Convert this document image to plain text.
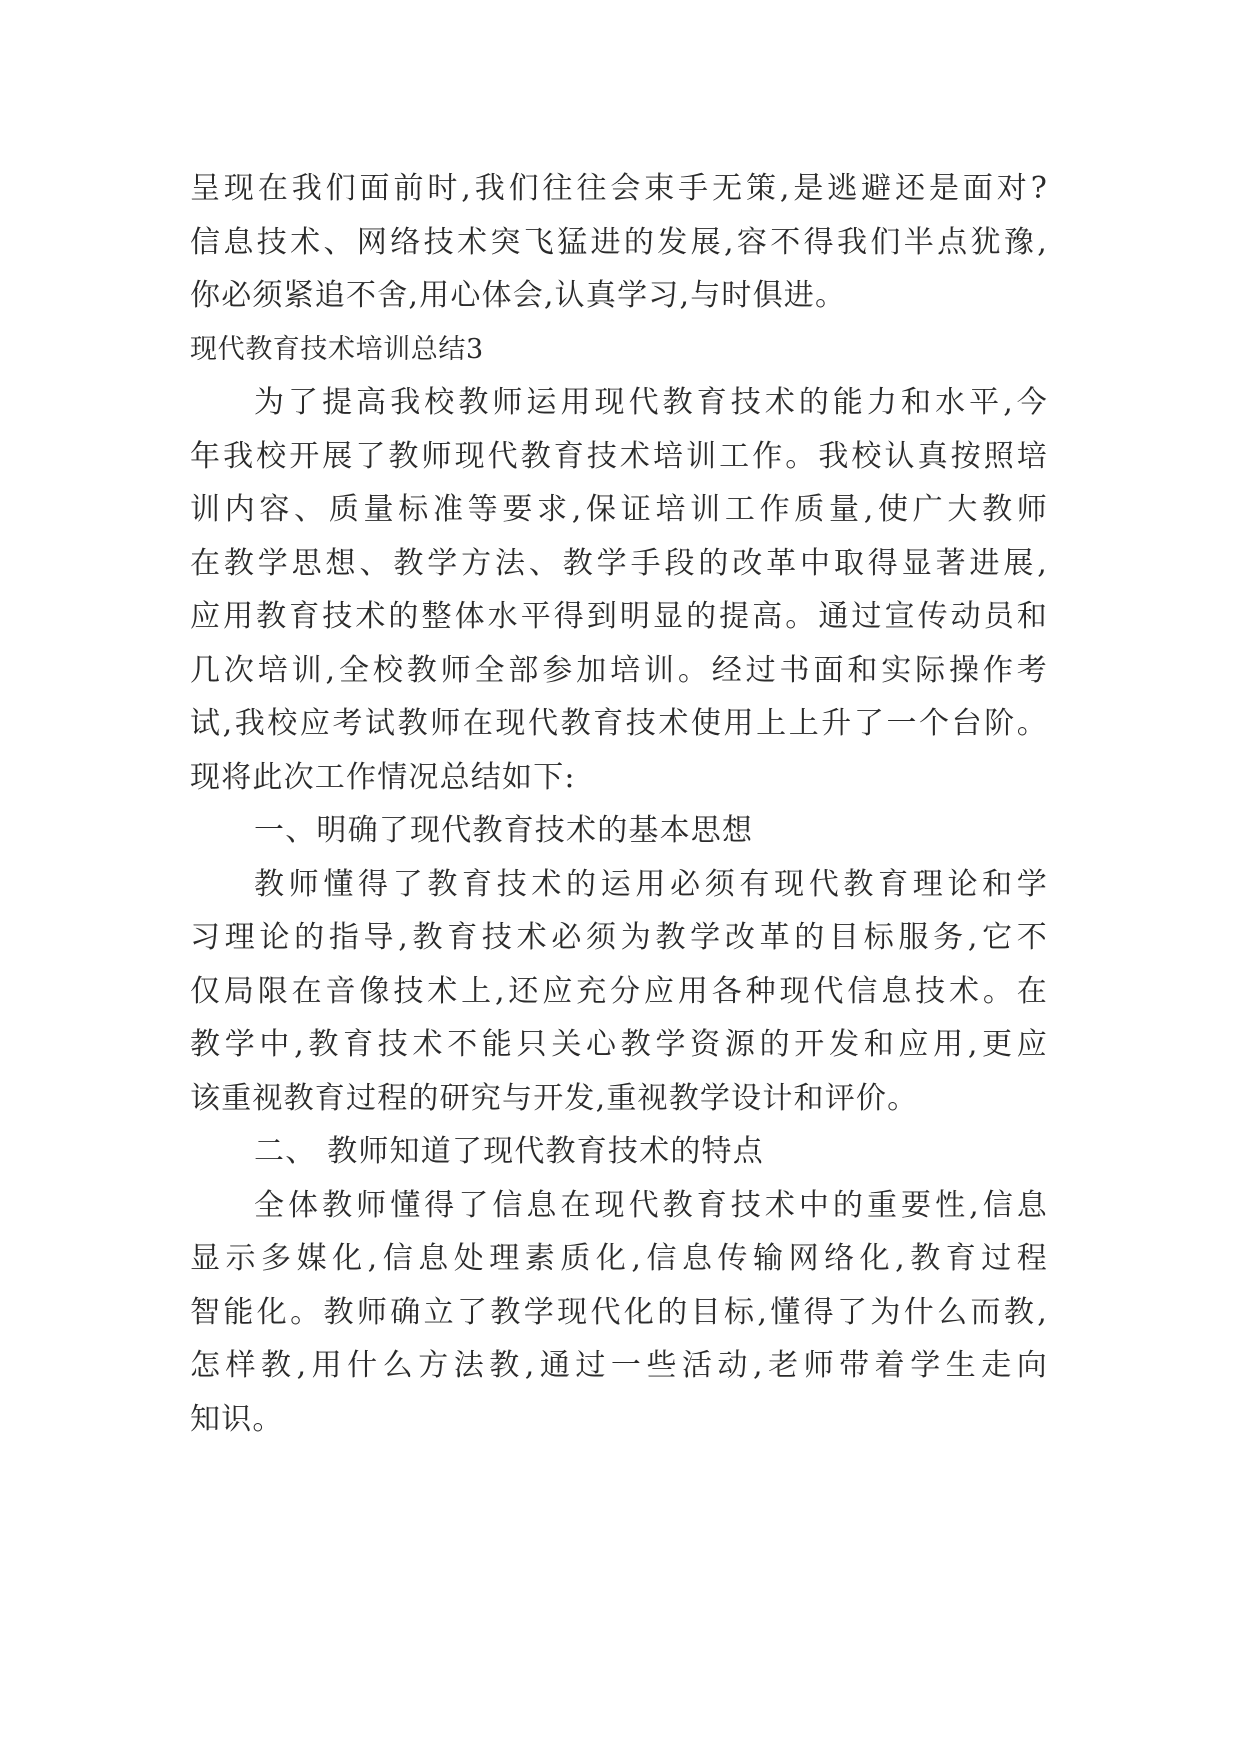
呈现在我们面前时,我们往往会束手无策,是逃避还是面对?
信息技术、网络技术突飞猛进的发展,容不得我们半点犹豫,
你必须紧追不舍,用心体会,认真学习,与时俱进。
现代教育技术培训总结3
为了提高我校教师运用现代教育技术的能力和水平,今
年我校开展了教师现代教育技术培训工作。我校认真按照培
训内容、质量标准等要求,保证培训工作质量,使广大教师
在教学思想、教学方法、教学手段的改革中取得显著进展,
应用教育技术的整体水平得到明显的提高。通过宣传动员和
几次培训,全校教师全部参加培训。经过书面和实际操作考
试,我校应考试教师在现代教育技术使用上上升了一个台阶。
现将此次工作情况总结如下:
一、明确了现代教育技术的基本思想
教师懂得了教育技术的运用必须有现代教育理论和学
习理论的指导,教育技术必须为教学改革的目标服务,它不
仅局限在音像技术上,还应充分应用各种现代信息技术。在
教学中,教育技术不能只关心教学资源的开发和应用,更应
该重视教育过程的研究与开发,重视教学设计和评价。
二、 教师知道了现代教育技术的特点
全体教师懂得了信息在现代教育技术中的重要性,信息
显示多媒化,信息处理素质化,信息传输网络化,教育过程
智能化。教师确立了教学现代化的目标,懂得了为什么而教,
怎样教,用什么方法教,通过一些活动,老师带着学生走向
知识。
